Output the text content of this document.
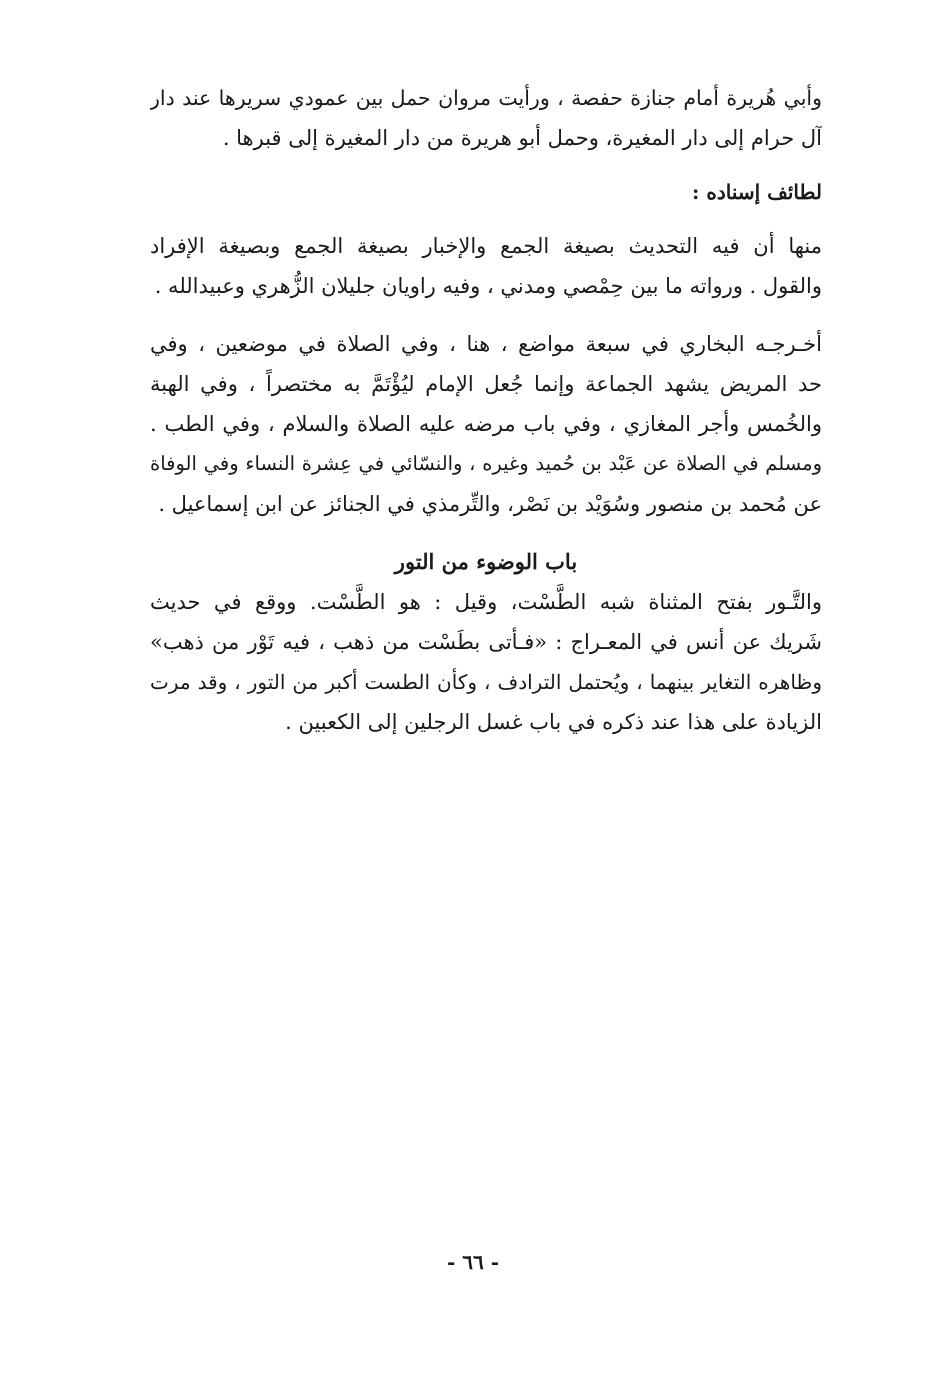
وأبي هُريرة أمام جنازة حفصة ، ورأيت مروان حمل بين عمودي سريرها عند دار
آل حرام إلى دار المغيرة، وحمل أبو هريرة من دار المغيرة إلى قبرها .
لطائف إسناده :
منها أن فيه التحديث بصيغة الجمع والإخبار بصيغة الجمع وبصيغة الإفراد
والقول . ورواته ما بين حِمْصي ومدني ، وفيه راويان جليلان الزُّهري وعبيدالله .
أخـرجـه البخاري في سبعة مواضع ، هنا ، وفي الصلاة في موضعين ، وفي
حد المريض يشهد الجماعة وإنما جُعل الإمام ليُؤْتَمَّ به مختصراً ، وفي الهبة
والخُمس وأجر المغازي ، وفي باب مرضه عليه الصلاة والسلام ، وفي الطب .
ومسلم في الصلاة عن عَبْد بن حُميد وغيره ، والنسّائي في عِشرة النساء وفي الوفاة
عن مُحمد بن منصور وسُوَيْد بن نَصْر، والتِّرمذي في الجنائز عن ابن إسماعيل .
باب الوضوء من التور
والتَّـور بفتح المثناة شبه الطَّسْت، وقيل : هو الطَّسْت. ووقع في حديث
شَريك عن أنس في المعـراج : «فـأتى بطَسْت من ذهب ، فيه تَوْر من ذهب»
وظاهره التغاير بينهما ، ويُحتمل الترادف ، وكأن الطست أكبر من التور ، وقد مرت
الزيادة على هذا عند ذكره في باب غسل الرجلين إلى الكعبين .
- ٦٦ -
